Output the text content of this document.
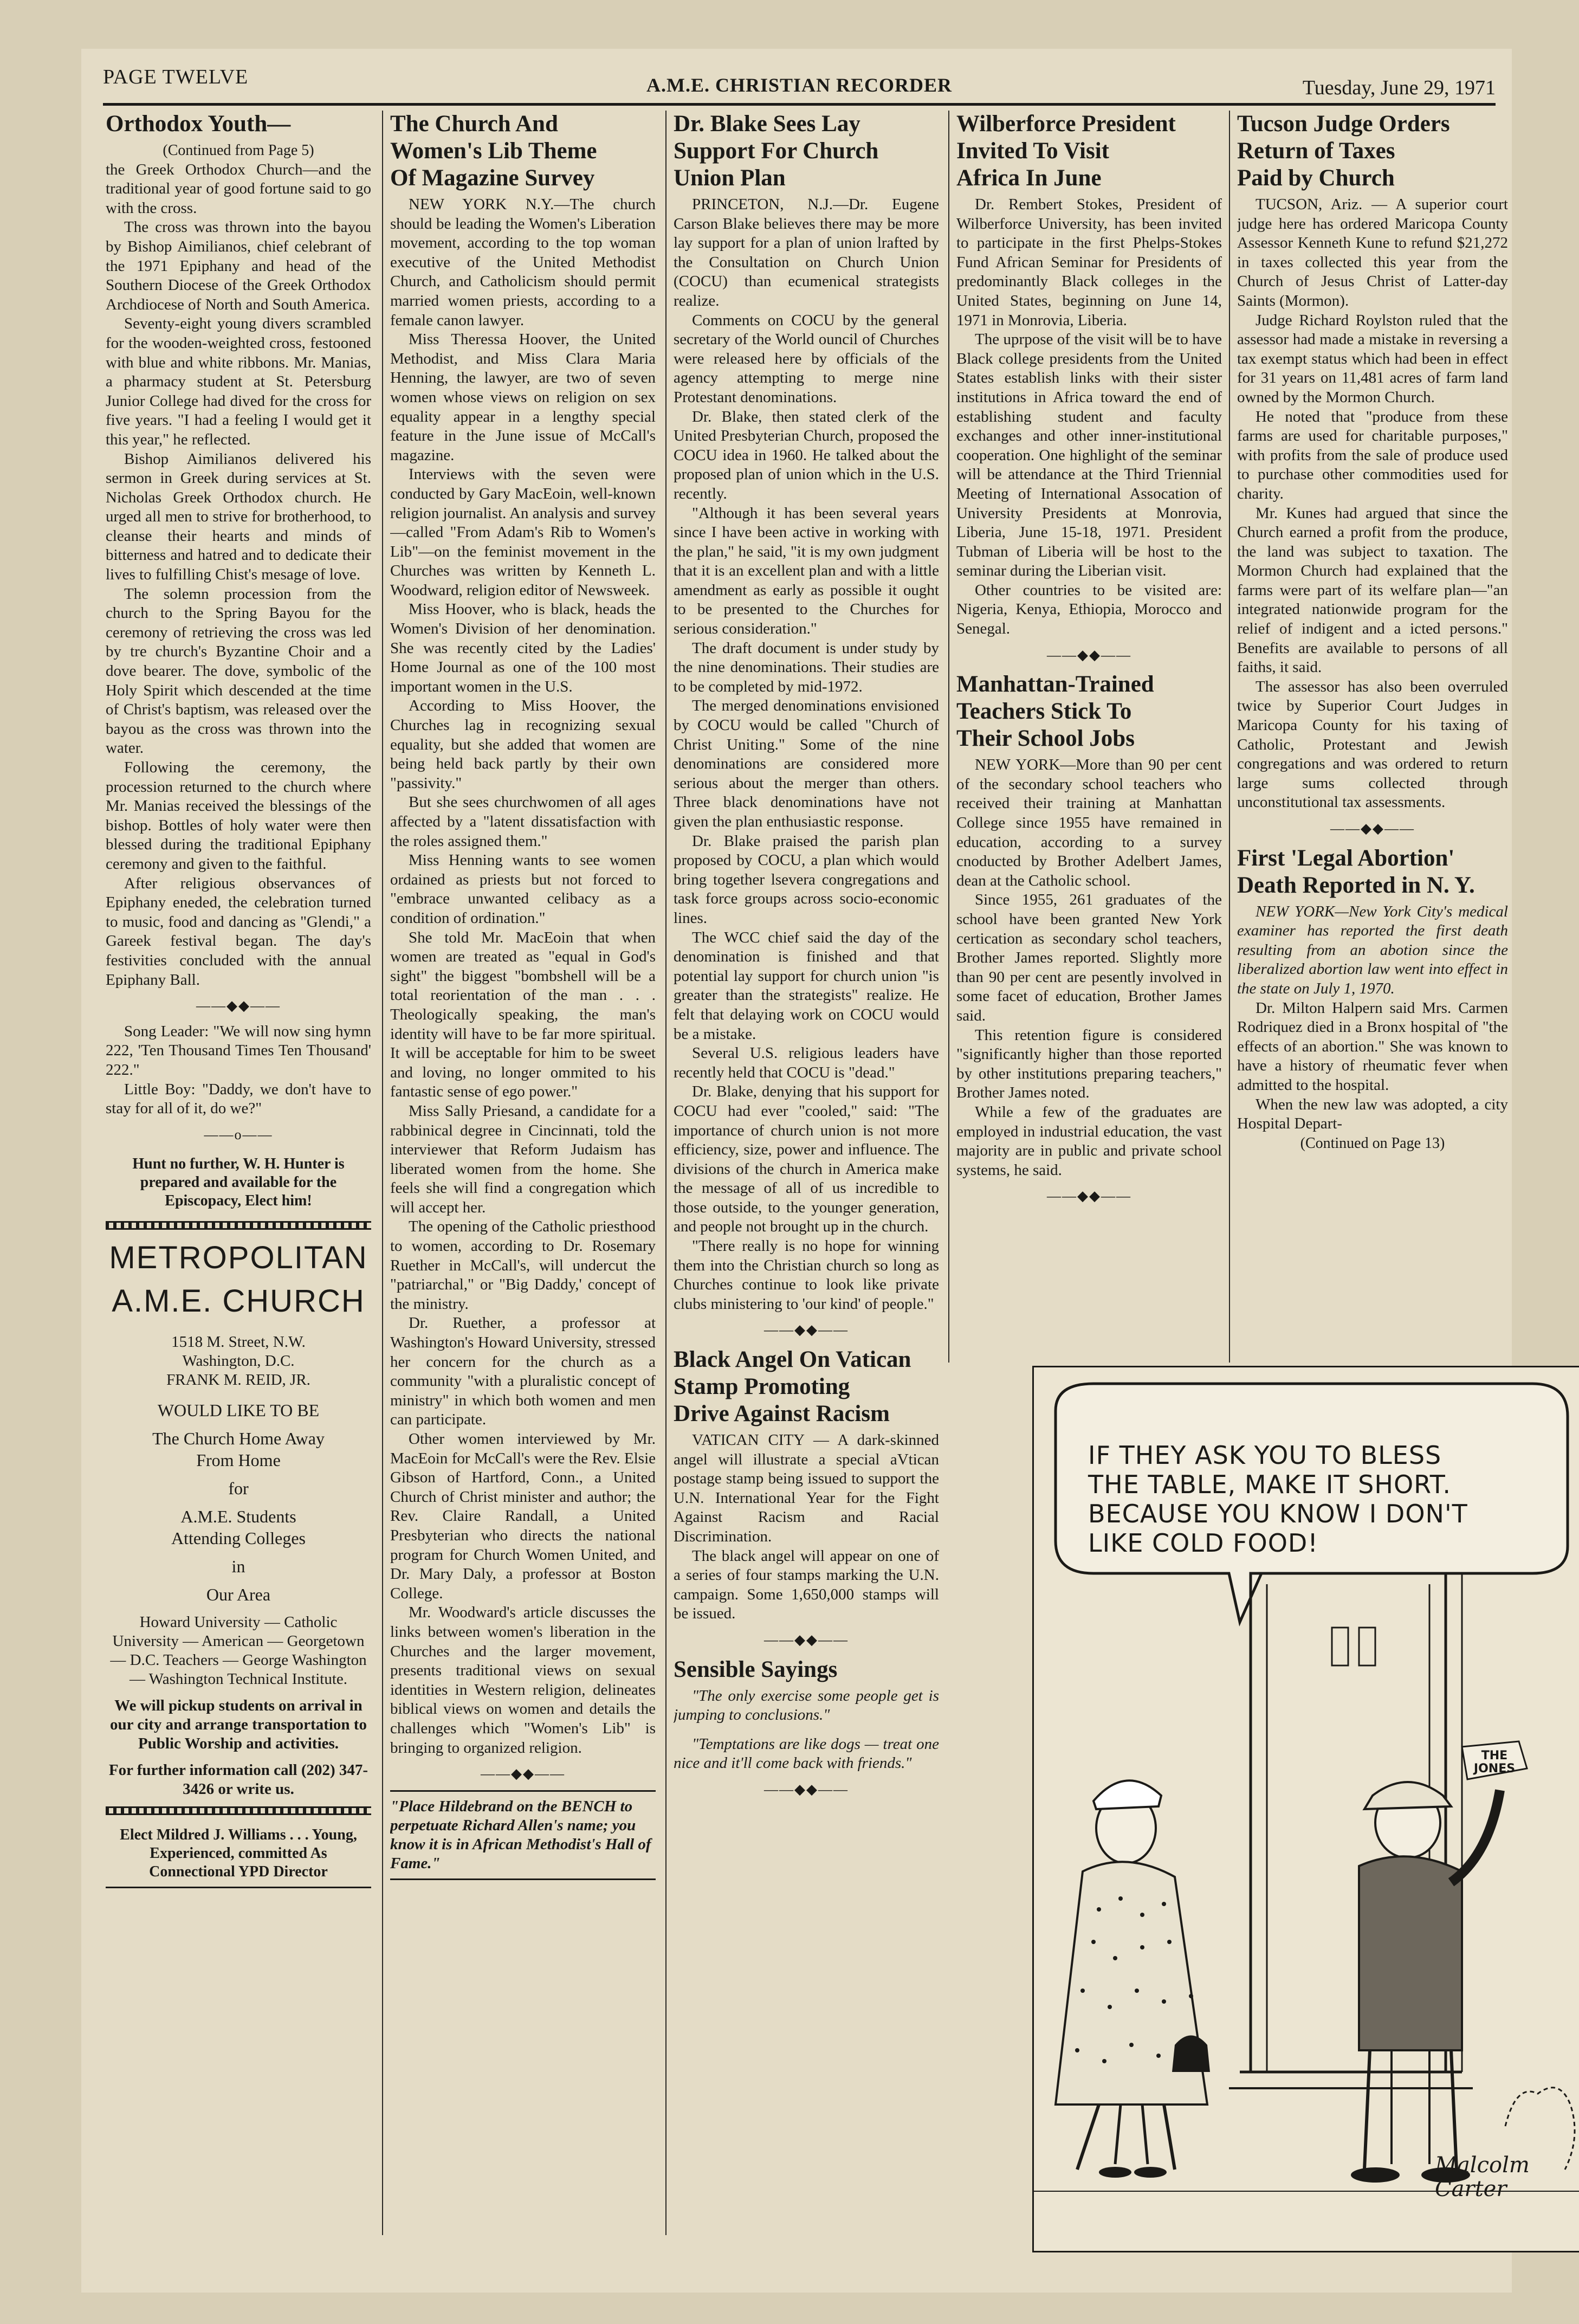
PAGE TWELVE	A.M.E. CHRISTIAN RECORDER	Tuesday, June 29, 1971
Orthodox Youth—

(Continued from Page 5)

the Greek Orthodox Church—and the traditional year of good fortune said to go with the cross.

The cross was thrown into the bayou by Bishop Aimilianos, chief celebrant of the 1971 Epiphany and head of the Southern Diocese of the Greek Orthodox Archdiocese of North and South America.

Seventy-eight young divers scrambled for the wooden-weighted cross, festooned with blue and white ribbons. Mr. Manias, a pharmacy student at St. Petersburg Junior College had dived for the cross for five years. "I had a feeling I would get it this year," he reflected.

Bishop Aimilianos delivered his sermon in Greek during services at St. Nicholas Greek Orthodox church. He urged all men to strive for brotherhood, to cleanse their hearts and minds of bitterness and hatred and to dedicate their lives to fulfilling Chist's mesage of love.

The solemn procession from the church to the Spring Bayou for the ceremony of retrieving the cross was led by tre church's Byzantine Choir and a dove bearer. The dove, symbolic of the Holy Spirit which descended at the time of Christ's baptism, was released over the bayou as the cross was thrown into the water.

Following the ceremony, the procession returned to the church where Mr. Manias received the blessings of the bishop. Bottles of holy water were then blessed during the traditional Epiphany ceremony and given to the faithful.

After religious observances of Epiphany eneded, the celebration turned to music, food and dancing as "Glendi," a Gareek festival began. The day's festivities concluded with the annual Epiphany Ball.

——◆◆——

Song Leader: "We will now sing hymn 222, 'Ten Thousand Times Ten Thousand' 222."

Little Boy: "Daddy, we don't have to stay for all of it, do we?"

——o——
Hunt no further, W. H. Hunter is prepared and available for the Episcopacy, Elect him!
METROPOLITAN
A.M.E. CHURCH
1518 M. Street, N.W.
Washington, D.C.
FRANK M. REID, JR.
WOULD LIKE TO BE
The Church Home Away
From Home
for
A.M.E. Students
Attending Colleges
in
Our Area
Howard University — Catholic University — American — Georgetown — D.C. Teachers — George Washington — Washington Technical Institute.
We will pickup students on arrival in our city and arrange transportation to Public Worship and activities.
For further information call (202) 347-3426 or write us.
Elect Mildred J. Williams . . . Young, Experienced, committed As Connectional YPD Director
The Church And
Women's Lib Theme
Of Magazine Survey

NEW YORK N.Y.—The church should be leading the Women's Liberation movement, according to the top woman executive of the United Methodist Church, and Catholicism should permit married women priests, according to a female canon lawyer.

Miss Theressa Hoover, the United Methodist, and Miss Clara Maria Henning, the lawyer, are two of seven women whose views on religion on sex equality appear in a lengthy special feature in the June issue of McCall's magazine.

Interviews with the seven were conducted by Gary MacEoin, well-known religion journalist. An analysis and survey—called "From Adam's Rib to Women's Lib"—on the feminist movement in the Churches was written by Kenneth L. Woodward, religion editor of Newsweek.

Miss Hoover, who is black, heads the Women's Division of her denomination. She was recently cited by the Ladies' Home Journal as one of the 100 most important women in the U.S.

According to Miss Hoover, the Churches lag in recognizing sexual equality, but she added that women are being held back partly by their own "passivity."

But she sees churchwomen of all ages affected by a "latent dissatisfaction with the roles assigned them."

Miss Henning wants to see women ordained as priests but not forced to "embrace unwanted celibacy as a condition of ordination."

She told Mr. MacEoin that when women are treated as "equal in God's sight" the biggest "bombshell will be a total reorientation of the man . . . Theologically speaking, the man's identity will have to be far more spiritual. It will be acceptable for him to be sweet and loving, no longer ommited to his fantastic sense of ego power."

Miss Sally Priesand, a candidate for a rabbinical degree in Cincinnati, told the interviewer that Reform Judaism has liberated women from the home. She feels she will find a congregation which will accept her.

The opening of the Catholic priesthood to women, according to Dr. Rosemary Ruether in McCall's, will undercut the "patriarchal," or "Big Daddy,' concept of the ministry.

Dr. Ruether, a professor at Washington's Howard University, stressed her concern for the church as a community "with a pluralistic concept of ministry" in which both women and men can participate.

Other women interviewed by Mr. MacEoin for McCall's were the Rev. Elsie Gibson of Hartford, Conn., a United Church of Christ minister and author; the Rev. Claire Randall, a United Presbyterian who directs the national program for Church Women United, and Dr. Mary Daly, a professor at Boston College.

Mr. Woodward's article discusses the links between women's liberation in the Churches and the larger movement, presents traditional views on sexual identities in Western religion, delineates biblical views on women and details the challenges which "Women's Lib" is bringing to organized religion.

——◆◆——
"Place Hildebrand on the BENCH to perpetuate Richard Allen's name; you know it is in African Methodist's Hall of Fame."
Dr. Blake Sees Lay
Support For Church
Union Plan

PRINCETON, N.J.—Dr. Eugene Carson Blake believes there may be more lay support for a plan of union lrafted by the Consultation on Church Union (COCU) than ecumenical strategists realize.

Comments on COCU by the general secretary of the World ouncil of Churches were released here by officials of the agency attempting to merge nine Protestant denominations.

Dr. Blake, then stated clerk of the United Presbyterian Church, proposed the COCU idea in 1960. He talked about the proposed plan of union which in the U.S. recently.

"Although it has been several years since I have been active in working with the plan," he said, "it is my own judgment that it is an excellent plan and with a little amendment as early as possible it ought to be presented to the Churches for serious consideration."

The draft document is under study by the nine denominations. Their studies are to be completed by mid-1972.

The merged denominations envisioned by COCU would be called "Church of Christ Uniting." Some of the nine denominations are considered more serious about the merger than others. Three black denominations have not given the plan enthusiastic response.

Dr. Blake praised the parish plan proposed by COCU, a plan which would bring together lsevera congregations and task force groups across socio-economic lines.

The WCC chief said the day of the denomination is finished and that potential lay support for church union "is greater than the strategists" realize. He felt that delaying work on COCU would be a mistake.

Several U.S. religious leaders have recently held that COCU is "dead."

Dr. Blake, denying that his support for COCU had ever "cooled," said: "The importance of church union is not more efficiency, size, power and influence. The divisions of the church in America make the message of all of us incredible to those outside, to the younger generation, and people not brought up in the church.

"There really is no hope for winning them into the Christian church so long as Churches continue to look like private clubs ministering to 'our kind' of people."

——◆◆——
Black Angel On Vatican
Stamp Promoting
Drive Against Racism

VATICAN CITY — A dark-skinned angel will illustrate a special aVtican postage stamp being issued to support the U.N. International Year for the Fight Against Racism and Racial Discrimination.

The black angel will appear on one of a series of four stamps marking the U.N. campaign. Some 1,650,000 stamps will be issued.

——◆◆——
Sensible Sayings

"The only exercise some people get is jumping to conclusions."

"Temptations are like dogs — treat one nice and it'll come back with friends."

——◆◆——
Wilberforce President
Invited To Visit
Africa In June

Dr. Rembert Stokes, President of Wilberforce University, has been invited to participate in the first Phelps-Stokes Fund African Seminar for Presidents of predominantly Black colleges in the United States, beginning on June 14, 1971 in Monrovia, Liberia.

The uprpose of the visit will be to have Black college presidents from the United States establish links with their sister institutions in Africa toward the end of establishing student and faculty exchanges and other inner-institutional cooperation. One highlight of the seminar will be attendance at the Third Triennial Meeting of International Assocation of University Presidents at Monrovia, Liberia, June 15-18, 1971. President Tubman of Liberia will be host to the seminar during the Liberian visit.

Other countries to be visited are: Nigeria, Kenya, Ethiopia, Morocco and Senegal.

——◆◆——
Manhattan-Trained
Teachers Stick To
Their School Jobs

NEW YORK—More than 90 per cent of the secondary school teachers who received their training at Manhattan College since 1955 have remained in education, according to a survey cnoducted by Brother Adelbert James, dean at the Catholic school.

Since 1955, 261 graduates of the school have been granted New York certication as secondary schol teachers, Brother James reported. Slightly more than 90 per cent are pesently involved in some facet of education, Brother James said.

This retention figure is considered "significantly higher than those reported by other institutions preparing teachers," Brother James noted.

While a few of the graduates are employed in industrial education, the vast majority are in public and private school systems, he said.

——◆◆——
Tucson Judge Orders
Return of Taxes
Paid by Church

TUCSON, Ariz. — A superior court judge here has ordered Maricopa County Assessor Kenneth Kune to refund $21,272 in taxes collected this year from the Church of Jesus Christ of Latter-day Saints (Mormon).

Judge Richard Roylston ruled that the assessor had made a mistake in reversing a tax exempt status which had been in effect for 31 years on 11,481 acres of farm land owned by the Mormon Church.

He noted that "produce from these farms are used for charitable purposes," with profits from the sale of produce used to purchase other commodities used for charity.

Mr. Kunes had argued that since the Church earned a profit from the produce, the land was subject to taxation. The Mormon Church had explained that the farms were part of its welfare plan—"an integrated nationwide program for the relief of indigent and a icted persons." Benefits are available to persons of all faiths, it said.

The assessor has also been overruled twice by Superior Court Judges in Maricopa County for his taxing of Catholic, Protestant and Jewish congregations and was ordered to return large sums collected through unconstitutional tax assessments.

——◆◆——
First 'Legal Abortion'
Death Reported in N. Y.

NEW YORK—New York City's medical examiner has reported the first death resulting from an abotion since the liberalized abortion law went into effect in the state on July 1, 1970.

Dr. Milton Halpern said Mrs. Carmen Rodriquez died in a Bronx hospital of "the effects of an abortion." She was known to have a history of rheumatic fever when admitted to the hospital.

When the new law was adopted, a city Hospital Depart-

(Continued on Page 13)

IF THEY ASK YOU TO BLESS
THE TABLE, MAKE IT SHORT.
BECAUSE YOU KNOW I DON'T
LIKE COLD FOOD!
THE
JONES
Malcolm
Carter
